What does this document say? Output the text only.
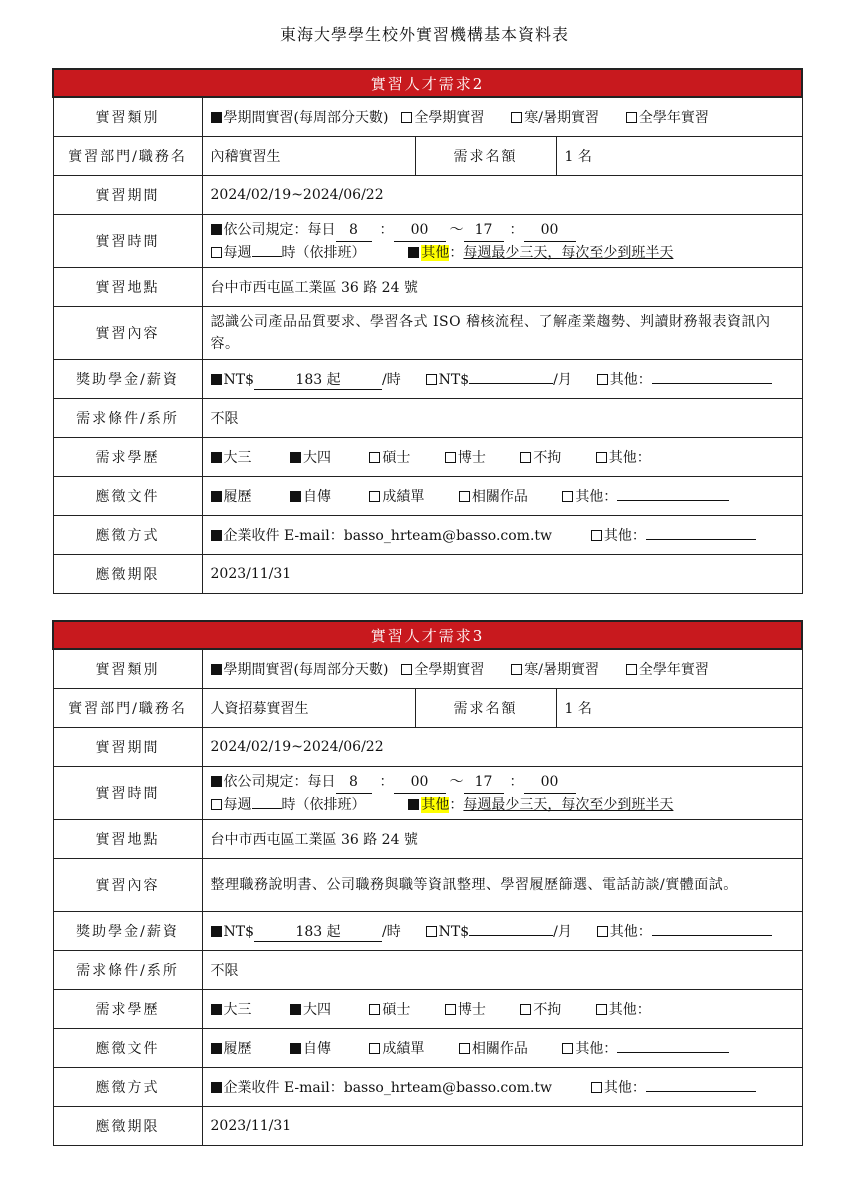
東海大學學生校外實習機構基本資料表
實習人才需求2			
實習類別	學期間實習(每周部分天數) 全學期實習 寒/暑期實習 全學年實習		
實習部門/職務名	內稽實習生	需求名額	1 名
實習期間	2024/02/19~2024/06/22		
實習時間	依公司規定：每日 8 ： 00 ～ 17 ： 00
每週 時（依排班） 其他：每週最少三天，每次至少到班半天		

實習地點	台中市西屯區工業區 36 路 24 號		
實習內容	認識公司產品品質要求、學習各式 ISO 稽核流程、了解產業趨勢、判讀財務報表資訊內容。		
獎助學金/薪資	NT$ 183 起 /時 NT$ /月 其他：		
需求條件/系所	不限		
需求學歷	大三 大四 碩士 博士 不拘 其他：		
應徵文件	履歷 自傳 成績單 相關作品 其他：		
應徵方式	企業收件 E-mail：basso_hrteam@basso.com.tw 其他：		
應徵期限	2023/11/31		
實習人才需求3			
實習類別	學期間實習(每周部分天數) 全學期實習 寒/暑期實習 全學年實習		
實習部門/職務名	人資招募實習生	需求名額	1 名
實習期間	2024/02/19~2024/06/22		
實習時間	依公司規定：每日 8 ： 00 ～ 17 ： 00
每週 時（依排班） 其他：每週最少三天，每次至少到班半天		

實習地點	台中市西屯區工業區 36 路 24 號		
實習內容	整理職務說明書、公司職務與職等資訊整理、學習履歷篩選、電話訪談/實體面試。		
獎助學金/薪資	NT$ 183 起 /時 NT$ /月 其他：		
需求條件/系所	不限		
需求學歷	大三 大四 碩士 博士 不拘 其他：		
應徵文件	履歷 自傳 成績單 相關作品 其他：		
應徵方式	企業收件 E-mail：basso_hrteam@basso.com.tw 其他：		
應徵期限	2023/11/31		
